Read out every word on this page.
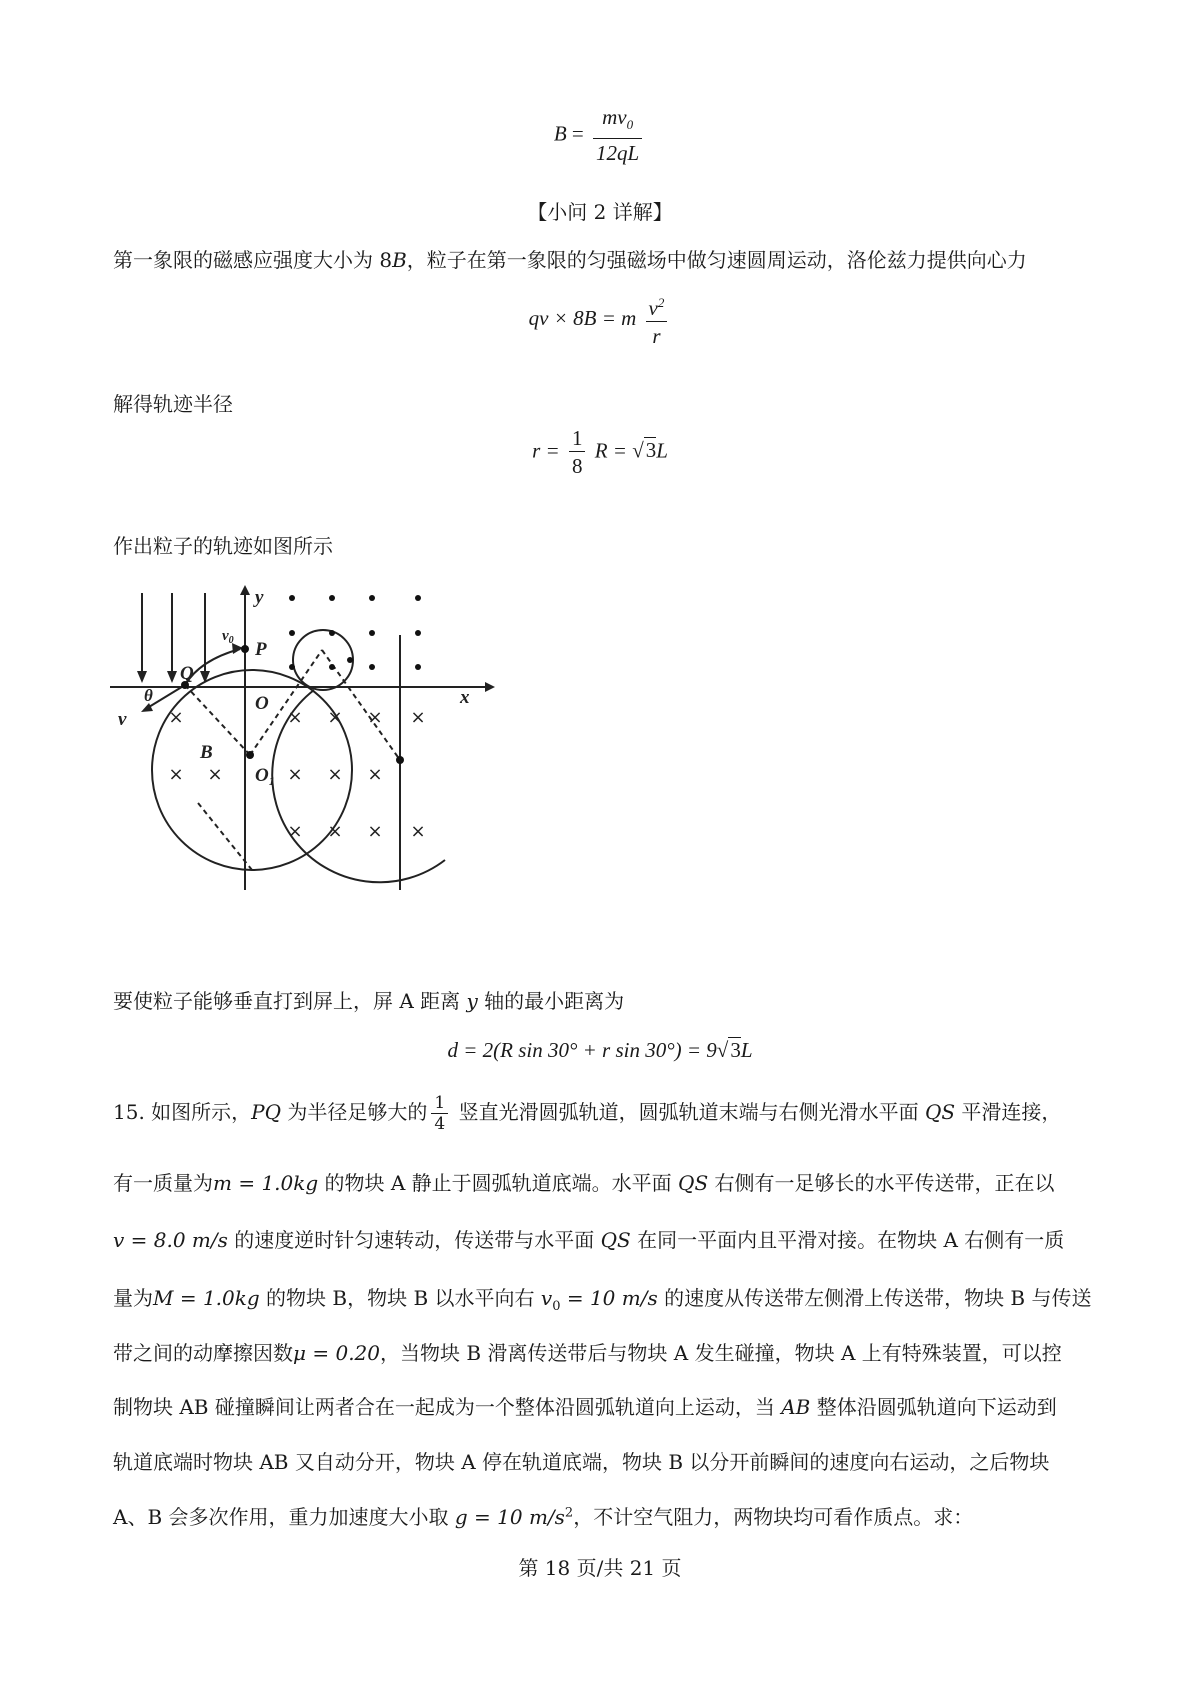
$B = \frac{mv_0}{12qL}$
【小问 2 详解】
第一象限的磁感应强度大小为 8B，粒子在第一象限的匀强磁场中做匀速圆周运动，洛伦兹力提供向心力
qv × 8B = m $\frac{v^2}{r}$
解得轨迹半径
$r = \frac{1}{8}$ R = √3L
作出粒子的轨迹如图所示
×	× × × ×
× ×	× × ×
× × × ×
y
x
$v_0$ P
Q
O
θ
v
B
$O_1$
要使粒子能够垂直打到屏上，屏 A 距离 y 轴的最小距离为
d = 2(R sin 30° + r sin 30°) = 9√3L
15. 如图所示，PQ 为半径足够大的 $\frac{1}{4}$ 竖直光滑圆弧轨道，圆弧轨道末端与右侧光滑水平面 QS 平滑连接，
有一质量为m = 1.0kg 的物块 A 静止于圆弧轨道底端。水平面 QS 右侧有一足够长的水平传送带，正在以
v = 8.0 m/s 的速度逆时针匀速转动，传送带与水平面 QS 在同一平面内且平滑对接。在物块 A 右侧有一质
量为M = 1.0kg 的物块 B，物块 B 以水平向右 $v_0 = 10$ m/s 的速度从传送带左侧滑上传送带，物块 B 与传送
带之间的动摩擦因数μ = 0.20，当物块 B 滑离传送带后与物块 A 发生碰撞，物块 A 上有特殊装置，可以控
制物块 AB 碰撞瞬间让两者合在一起成为一个整体沿圆弧轨道向上运动，当 AB 整体沿圆弧轨道向下运动到
轨道底端时物块 AB 又自动分开，物块 A 停在轨道底端，物块 B 以分开前瞬间的速度向右运动，之后物块
A、B 会多次作用，重力加速度大小取 g = 10 $m/s^2$，不计空气阻力，两物块均可看作质点。求：
第 18 页/共 21 页
